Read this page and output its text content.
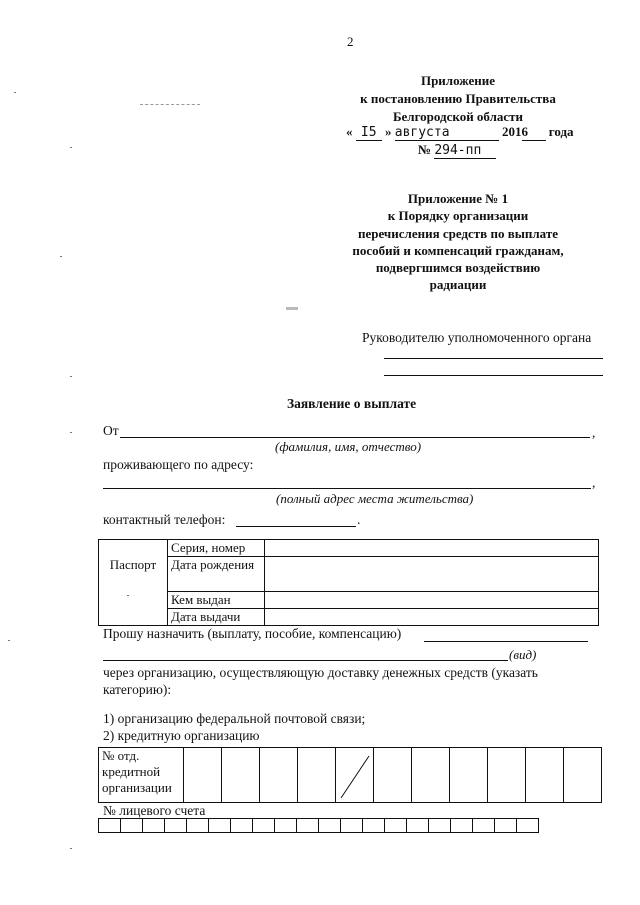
2
Приложение
к постановлению Правительства
Белгородской области
« I5 » августа	2016 года
№ 294-пп
Приложение № 1
к Порядку организации
перечисления средств по выплате
пособий и компенсаций гражданам,
подвергшимся воздействию
радиации
Руководителю уполномоченного органа
Заявление о выплате
От	,
(фамилия, имя, отчество)
проживающего по адресу:
,
(полный адрес места жительства)
контактный телефон:	.
Паспорт	Серия, номер	
	Дата рождения	
	Кем выдан	
	Дата выдачи	
Прошу назначить (выплату, пособие, компенсацию)
(вид)
через организацию, осуществляющую доставку денежных средств (указать категорию):
1) организацию федеральной почтовой связи;
2) кредитную организацию
№ отд.
кредитной
организации

№ лицевого счета
